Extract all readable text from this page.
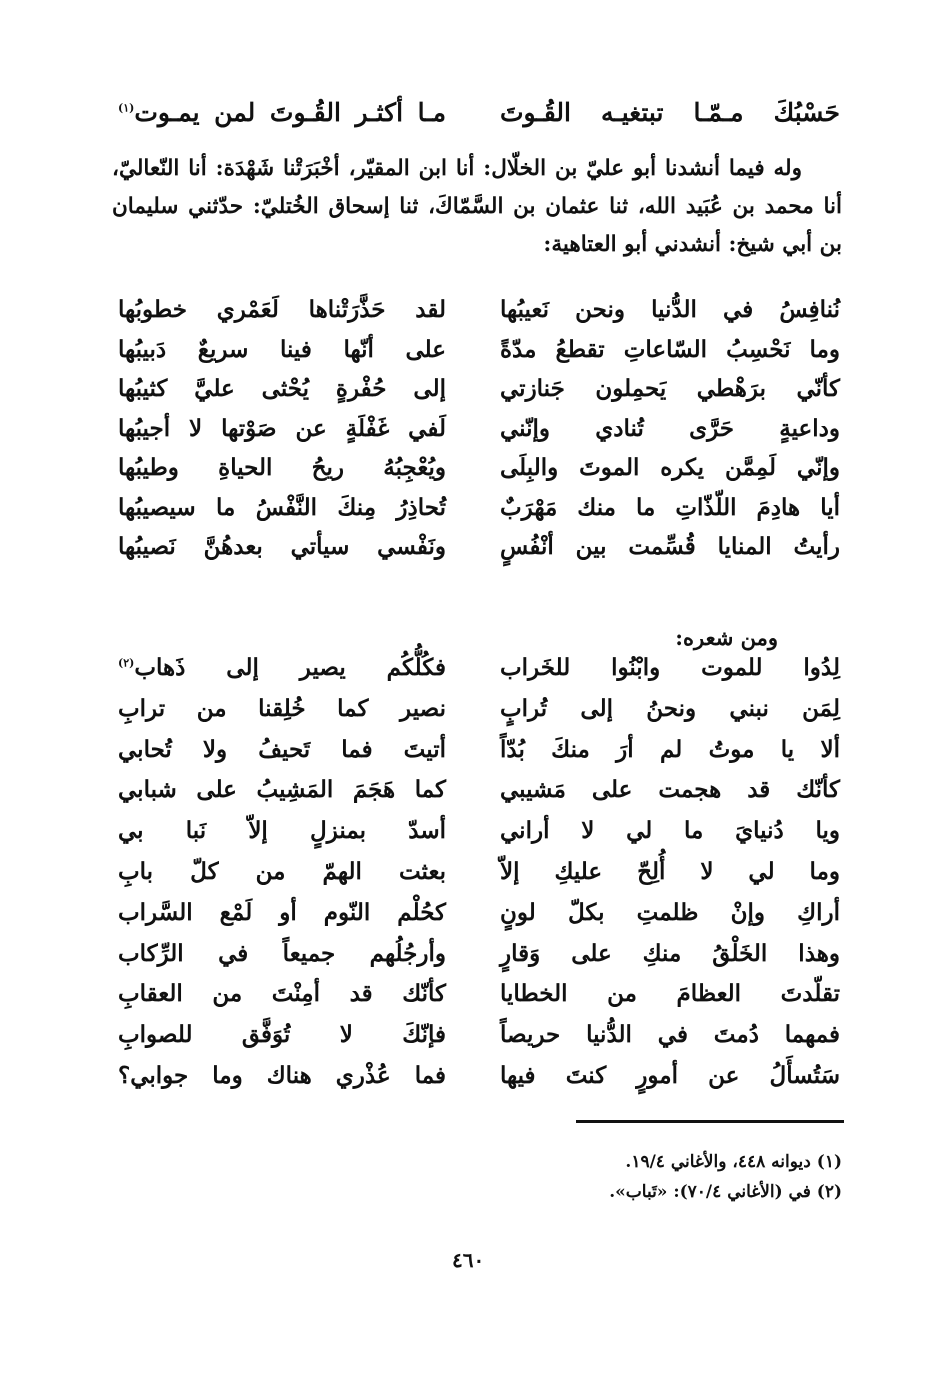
حَسْبُكَ مـمّـا تبتغيـه القُـوتَ
مـا أكثـر القُـوتَ لمن يمـوت$^{(١)}$

وله فيما أنشدنا أبو عليّ بن الخلّال: أنا ابن المقيّر، أخْبَرَتْنا شَهْدَة: أنا النّعاليّ، أنا محمد بن عُبَيد الله، ثنا عثمان بن السَّمّاكَ، ثنا إسحاق الخُتليّ: حدّثني سليمان بن أبي شيخ: أنشدني أبو العتاهية:

نُنافِسُ في الدُّنيا ونحن نَعيبُها
لقد حَذَّرَتْناها لَعَمْري خطوبُها
وما نَحْسِبُ السّاعاتِ تقطعُ مدّةً
على أنّها فينا سريعٌ دَبيبُها
كأنّي برَهْطي يَحمِلون جَنازتي
إلى حُفْرةٍ يُحْثى عليَّ كثيبُها
وداعيةٍ حَرَّى تُنادي وإنّني
لَفي غَفْلَةٍ عن صَوْتها لا أجيبُها
وإنّي لَمِمَّن يكره الموتَ والبِلَى
ويُعْجِبُهُ ريحُ الحياةِ وطيبُها
أيا هادِمَ اللّذّاتِ ما منك مَهْرَبٌ
تُحاذِرُ مِنكَ النَّفْسُ ما سيصيبُها
رأيتُ المنايا قُسِّمت بين أنْفُسٍ
ونَفْسي سيأتي بعدهُنَّ نَصيبُها
ومن شعره:
لِدُوا للموت وابْنُوا للخَراب
فكُلُّكُم يصير إلى ذَهاب$^{(٢)}$
لِمَن نبني ونحنُ إلى تُرابٍ
نصير كما خُلِقنا من ترابِ
ألا يا موتُ لم أرَ منكَ بُدّاً
أتيتَ فما تَحيفُ ولا تُحابي
كأنّك قد هجمت على مَشيبي
كما هَجَمَ المَشِيبُ على شبابي
ويا دُنيايَ ما لي لا أراني
أسدّ بمنزلٍ إلاّ نَبا بي
وما لي لا أُلِحّ عليكِ إلاّ
بعثت الهمّ من كلّ بابِ
أراكِ وإنْ ظلمتِ بكلّ لونٍ
كحُلْم النّوم أو لَمْع السَّراب
وهذا الخَلْقُ منكِ على وَقارٍ
وأرجُلُهم جميعاً في الرِّكاب
تقلّدتَ العظامَ من الخطايا
كأنّك قد أمِنْتَ من العقابِ
فمهما دُمتَ في الدُّنيا حريصاً
فإنّكَ لا تُوَفَّق للصوابِ
سَتُسأَلُ عن أمورٍ كنتَ فيها
فما عُذْري هناك وما جوابي؟
(١) ديوانه ٤٤٨، والأغاني ١٩/٤.
(٢) في (الأغاني ٧٠/٤): «تَباب».
٤٦٠
